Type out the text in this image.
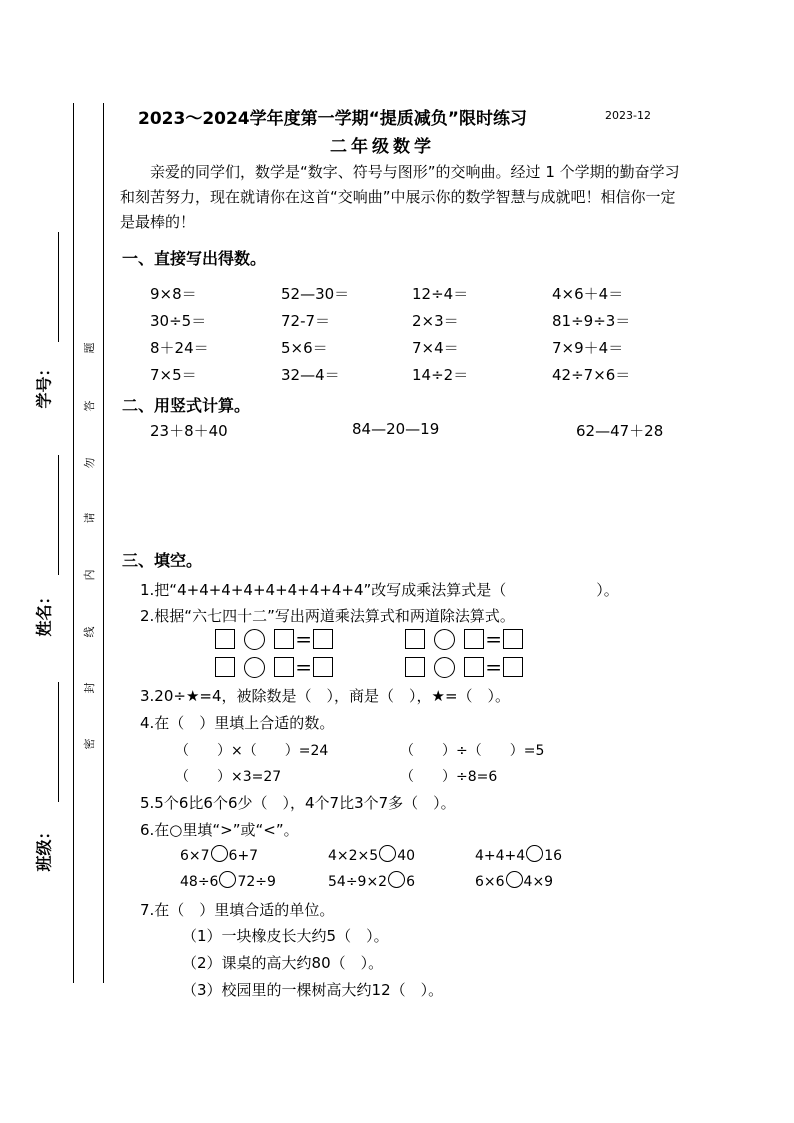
学号：
姓名：
班级：
题
答
勿
请
内
线
封
密
2023～2024学年度第一学期“提质减负”限时练习	2023-12
二年级数学
亲爱的同学们，数学是“数字、符号与图形”的交响曲。经过 1 个学期的勤奋学习和刻苦努力，现在就请你在这首“交响曲”中展示你的数学智慧与成就吧！相信你一定是最棒的！
一、直接写出得数。
9×8＝	52—30＝	12÷4＝	4×6＋4＝
30÷5＝	72-7＝	2×3＝	81÷9÷3＝
8＋24＝	5×6＝	7×4＝	7×9＋4＝
7×5＝	32—4＝	14÷2＝	42÷7×6＝
二、用竖式计算。
23＋8＋40	84—20—19	62—47＋28
三、填空。
1.把“4+4+4+4+4+4+4+4+4”改写成乘法算式是（　　　　　　）。
2.根据“六七四十二”写出两道乘法算式和两道除法算式。
=	=
=	=
3.20÷★=4，被除数是（　），商是（　），★=（　）。
4.在（　）里填上合适的数。
（　　）×（　　）=24	（　　）÷（　　）=5
（　　）×3=27	（　　）÷8=6
5.5个6比6个6少（　），4个7比3个7多（　）。
6.在○里填“>”或“<”。
6×7 6+7	4×2×5 40	4+4+4 16
48÷6 72÷9	54÷9×2 6	6×6 4×9
7.在（　）里填合适的单位。
（1）一块橡皮长大约5（　）。
（2）课桌的高大约80（　）。
（3）校园里的一棵树高大约12（　）。
